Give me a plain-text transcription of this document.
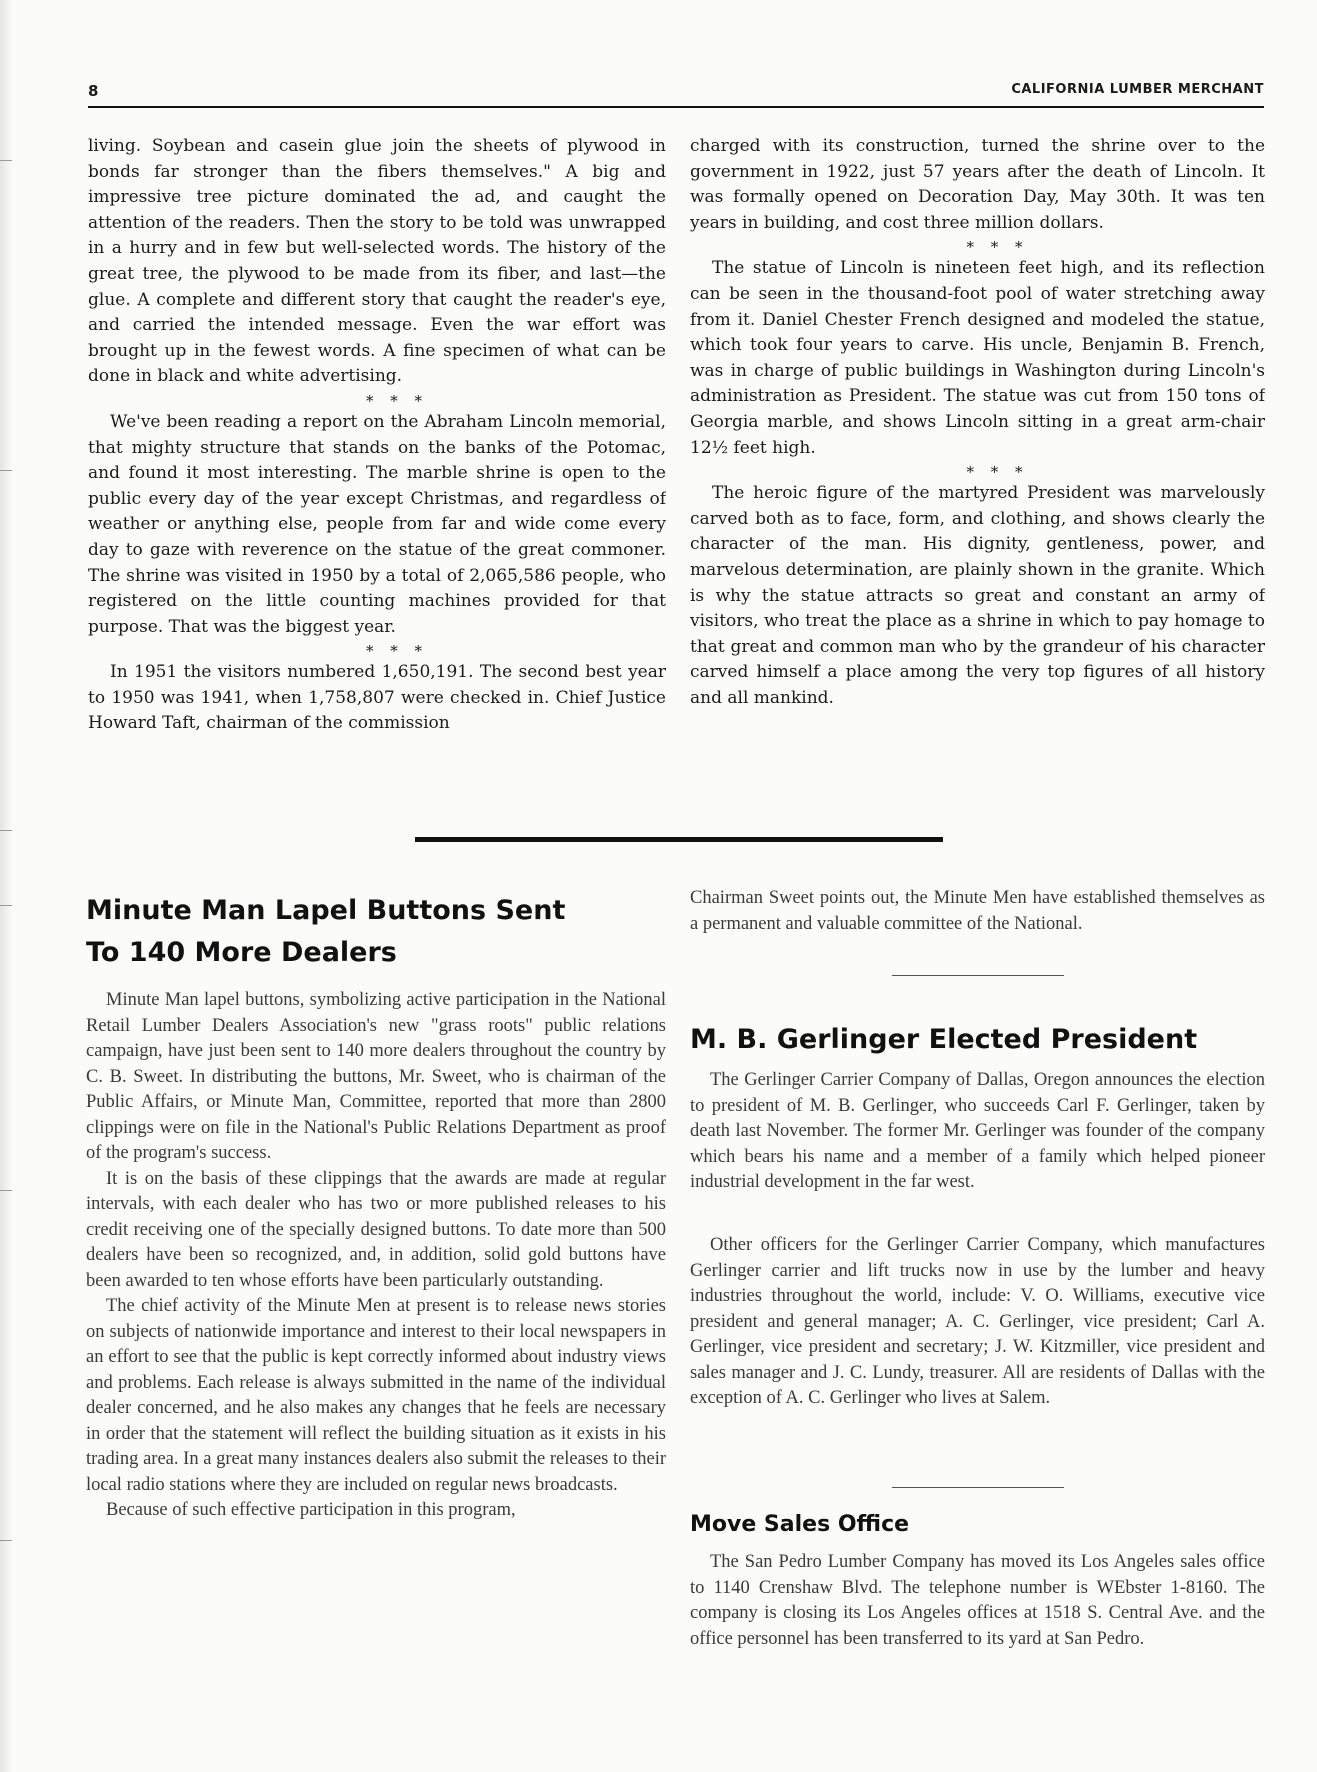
8	CALIFORNIA LUMBER MERCHANT

living. Soybean and casein glue join the sheets of plywood in bonds far stronger than the fibers themselves." A big and impressive tree picture dominated the ad, and caught the attention of the readers. Then the story to be told was unwrapped in a hurry and in few but well-selected words. The history of the great tree, the plywood to be made from its fiber, and last—the glue. A complete and different story that caught the reader's eye, and carried the intended message. Even the war effort was brought up in the fewest words. A fine specimen of what can be done in black and white advertising.

* * *

We've been reading a report on the Abraham Lincoln memorial, that mighty structure that stands on the banks of the Potomac, and found it most interesting. The marble shrine is open to the public every day of the year except Christmas, and regardless of weather or anything else, people from far and wide come every day to gaze with reverence on the statue of the great commoner. The shrine was visited in 1950 by a total of 2,065,586 people, who registered on the little counting machines provided for that purpose. That was the biggest year.

* * *

In 1951 the visitors numbered 1,650,191. The second best year to 1950 was 1941, when 1,758,807 were checked in. Chief Justice Howard Taft, chairman of the commission

charged with its construction, turned the shrine over to the government in 1922, just 57 years after the death of Lincoln. It was formally opened on Decoration Day, May 30th. It was ten years in building, and cost three million dollars.

* * *

The statue of Lincoln is nineteen feet high, and its reflection can be seen in the thousand-foot pool of water stretching away from it. Daniel Chester French designed and modeled the statue, which took four years to carve. His uncle, Benjamin B. French, was in charge of public buildings in Washington during Lincoln's administration as President. The statue was cut from 150 tons of Georgia marble, and shows Lincoln sitting in a great arm-chair 12½ feet high.

* * *

The heroic figure of the martyred President was marvelously carved both as to face, form, and clothing, and shows clearly the character of the man. His dignity, gentleness, power, and marvelous determination, are plainly shown in the granite. Which is why the statue attracts so great and constant an army of visitors, who treat the place as a shrine in which to pay homage to that great and common man who by the grandeur of his character carved himself a place among the very top figures of all history and all mankind.

Minute Man Lapel Buttons Sent
To 140 More Dealers

Minute Man lapel buttons, symbolizing active participation in the National Retail Lumber Dealers Association's new "grass roots" public relations campaign, have just been sent to 140 more dealers throughout the country by C. B. Sweet. In distributing the buttons, Mr. Sweet, who is chairman of the Public Affairs, or Minute Man, Committee, reported that more than 2800 clippings were on file in the National's Public Relations Department as proof of the program's success.

It is on the basis of these clippings that the awards are made at regular intervals, with each dealer who has two or more published releases to his credit receiving one of the specially designed buttons. To date more than 500 dealers have been so recognized, and, in addition, solid gold buttons have been awarded to ten whose efforts have been particularly outstanding.

The chief activity of the Minute Men at present is to release news stories on subjects of nationwide importance and interest to their local newspapers in an effort to see that the public is kept correctly informed about industry views and problems. Each release is always submitted in the name of the individual dealer concerned, and he also makes any changes that he feels are necessary in order that the statement will reflect the building situation as it exists in his trading area. In a great many instances dealers also submit the releases to their local radio stations where they are included on regular news broadcasts.

Because of such effective participation in this program,

Chairman Sweet points out, the Minute Men have established themselves as a permanent and valuable committee of the National.

M. B. Gerlinger Elected President

The Gerlinger Carrier Company of Dallas, Oregon announces the election to president of M. B. Gerlinger, who succeeds Carl F. Gerlinger, taken by death last November. The former Mr. Gerlinger was founder of the company which bears his name and a member of a family which helped pioneer industrial development in the far west.

Other officers for the Gerlinger Carrier Company, which manufactures Gerlinger carrier and lift trucks now in use by the lumber and heavy industries throughout the world, include: V. O. Williams, executive vice president and general manager; A. C. Gerlinger, vice president; Carl A. Gerlinger, vice president and secretary; J. W. Kitzmiller, vice president and sales manager and J. C. Lundy, treasurer. All are residents of Dallas with the exception of A. C. Gerlinger who lives at Salem.

Move Sales Office

The San Pedro Lumber Company has moved its Los Angeles sales office to 1140 Crenshaw Blvd. The telephone number is WEbster 1-8160. The company is closing its Los Angeles offices at 1518 S. Central Ave. and the office personnel has been transferred to its yard at San Pedro.
